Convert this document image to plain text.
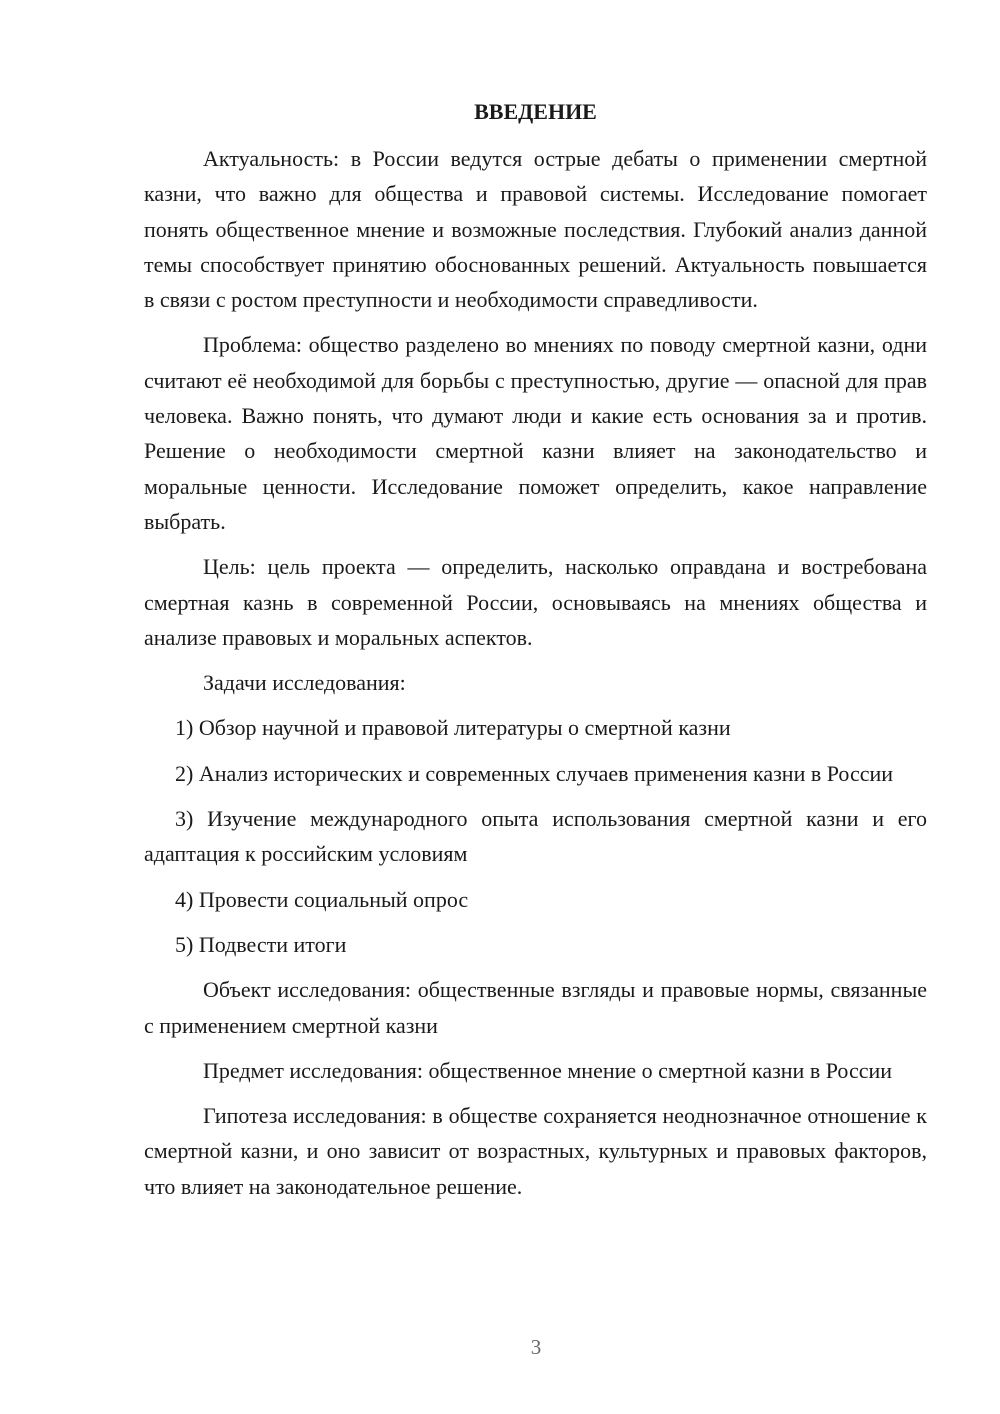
ВВЕДЕНИЕ

Актуальность: в России ведутся острые дебаты о применении смертной казни, что важно для общества и правовой системы. Исследование помогает понять общественное мнение и возможные последствия. Глубокий анализ данной темы способствует принятию обоснованных решений. Актуальность повышается в связи с ростом преступности и необходимости справедливости.

Проблема: общество разделено во мнениях по поводу смертной казни, одни считают её необходимой для борьбы с преступностью, другие — опасной для прав человека. Важно понять, что думают люди и какие есть основания за и против. Решение о необходимости смертной казни влияет на законодательство и моральные ценности. Исследование поможет определить, какое направление выбрать.

Цель: цель проекта — определить, насколько оправдана и востребована смертная казнь в современной России, основываясь на мнениях общества и анализе правовых и моральных аспектов.

Задачи исследования:

1) Обзор научной и правовой литературы о смертной казни

2) Анализ исторических и современных случаев применения казни в России

3) Изучение международного опыта использования смертной казни и его адаптация к российским условиям

4) Провести социальный опрос

5) Подвести итоги

Объект исследования: общественные взгляды и правовые нормы, связанные с применением смертной казни

Предмет исследования: общественное мнение о смертной казни в России

Гипотеза исследования: в обществе сохраняется неоднозначное отношение к смертной казни, и оно зависит от возрастных, культурных и правовых факторов, что влияет на законодательное решение.

3
